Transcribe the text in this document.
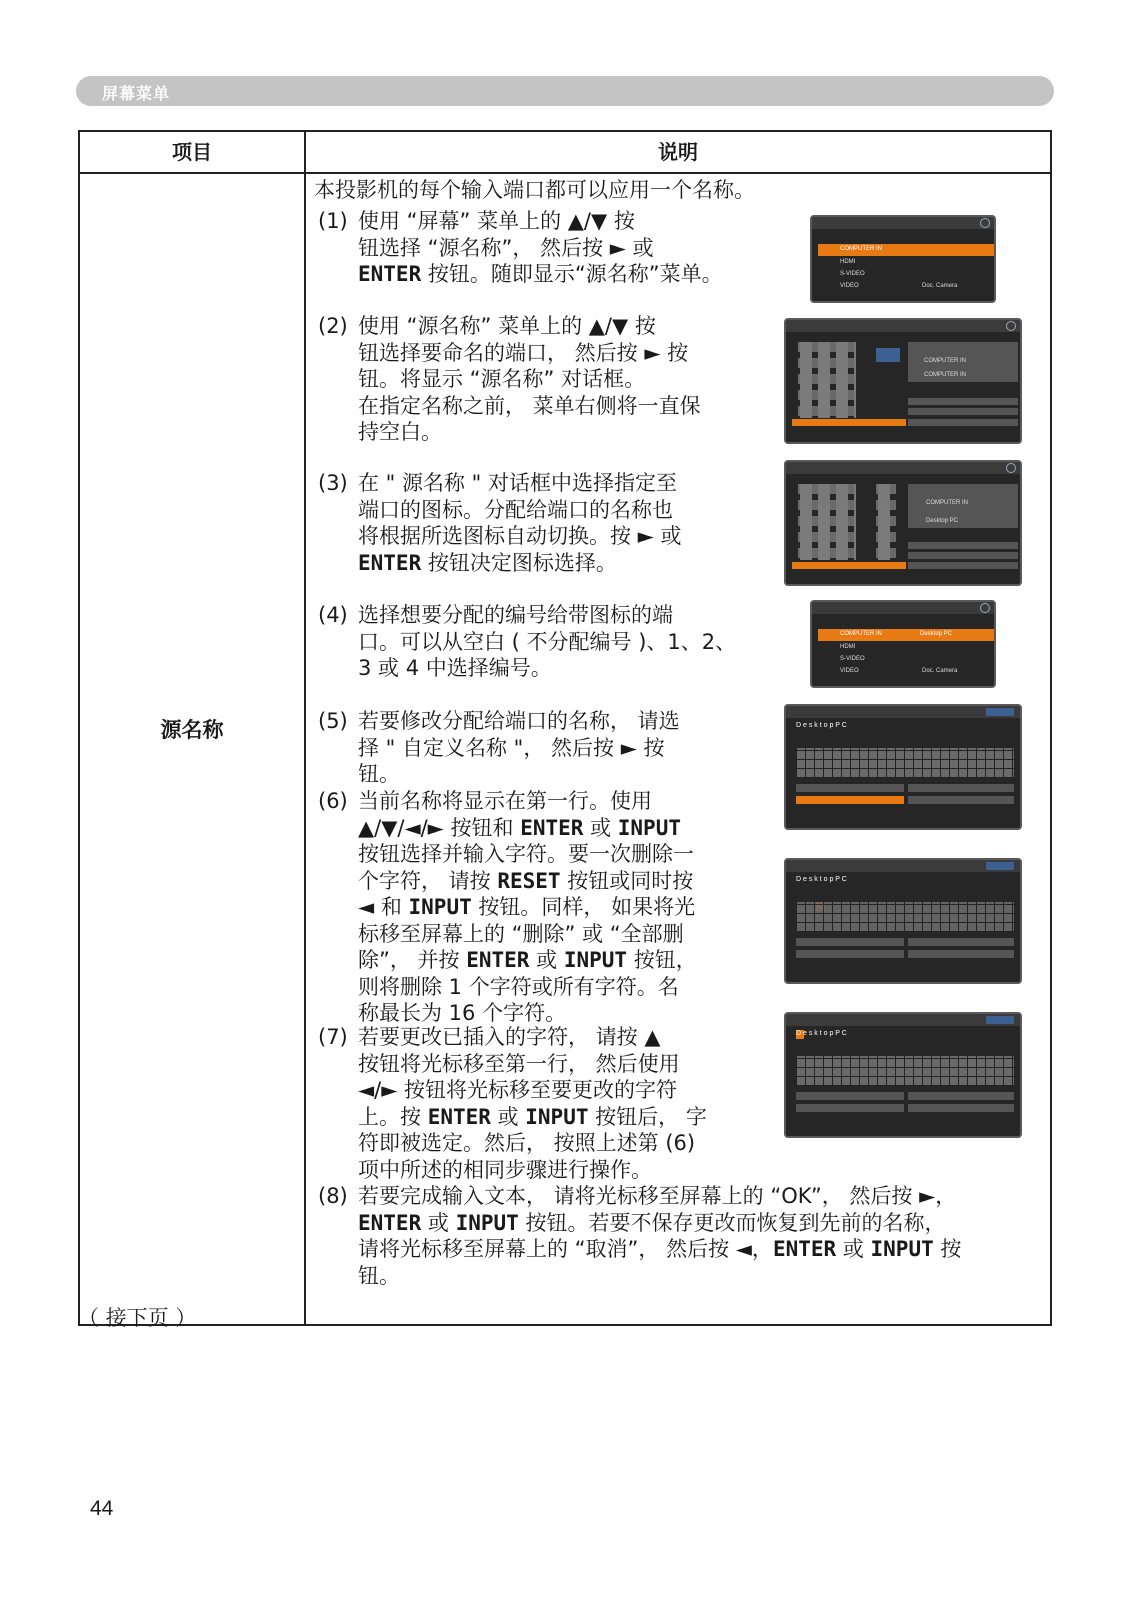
屏幕菜单
项目	说明
源名称
本投影机的每个输入端口都可以应用一个名称。
(1) 使用 “屏幕” 菜单上的 ▲/▼ 按
钮选择 “源名称”， 然后按 ► 或
ENTER 按钮。随即显示“源名称”菜单。
(2) 使用 “源名称” 菜单上的 ▲/▼ 按
钮选择要命名的端口， 然后按 ► 按
钮。将显示 “源名称” 对话框。
在指定名称之前， 菜单右侧将一直保
持空白。
(3) 在 " 源名称 " 对话框中选择指定至
端口的图标。分配给端口的名称也
将根据所选图标自动切换。按 ► 或
ENTER 按钮决定图标选择。
(4) 选择想要分配的编号给带图标的端
口。可以从空白 ( 不分配编号 )、1、2、
3 或 4 中选择编号。
(5) 若要修改分配给端口的名称， 请选
择 " 自定义名称 "， 然后按 ► 按
钮。
(6) 当前名称将显示在第一行。使用
▲/▼/◄/► 按钮和 ENTER 或 INPUT
按钮选择并输入字符。要一次删除一
个字符， 请按 RESET 按钮或同时按
◄ 和 INPUT 按钮。同样， 如果将光
标移至屏幕上的 “删除” 或 “全部删
除”， 并按 ENTER 或 INPUT 按钮，
则将删除 1 个字符或所有字符。名
称最长为 16 个字符。
(7) 若要更改已插入的字符， 请按 ▲
按钮将光标移至第一行， 然后使用
◄/► 按钮将光标移至要更改的字符
上。按 ENTER 或 INPUT 按钮后， 字
符即被选定。然后， 按照上述第 (6)
项中所述的相同步骤进行操作。
(8) 若要完成输入文本， 请将光标移至屏幕上的 “OK”， 然后按 ►，
ENTER 或 INPUT 按钮。若要不保存更改而恢复到先前的名称，
请将光标移至屏幕上的 “取消”， 然后按 ◄，ENTER 或 INPUT 按
钮。
COMPUTER IN
HDMI
S-VIDEO
VIDEO	Doc. Camera
COMPUTER IN
COMPUTER IN
COMPUTER IN
Desktop PC
COMPUTER IN	Desktop PC
HDMI
S-VIDEO
VIDEO	Doc. Camera
D e s k t o p P C
D e s k t o p P C
D e s k t o p P C
（ 接下页 ）
44
